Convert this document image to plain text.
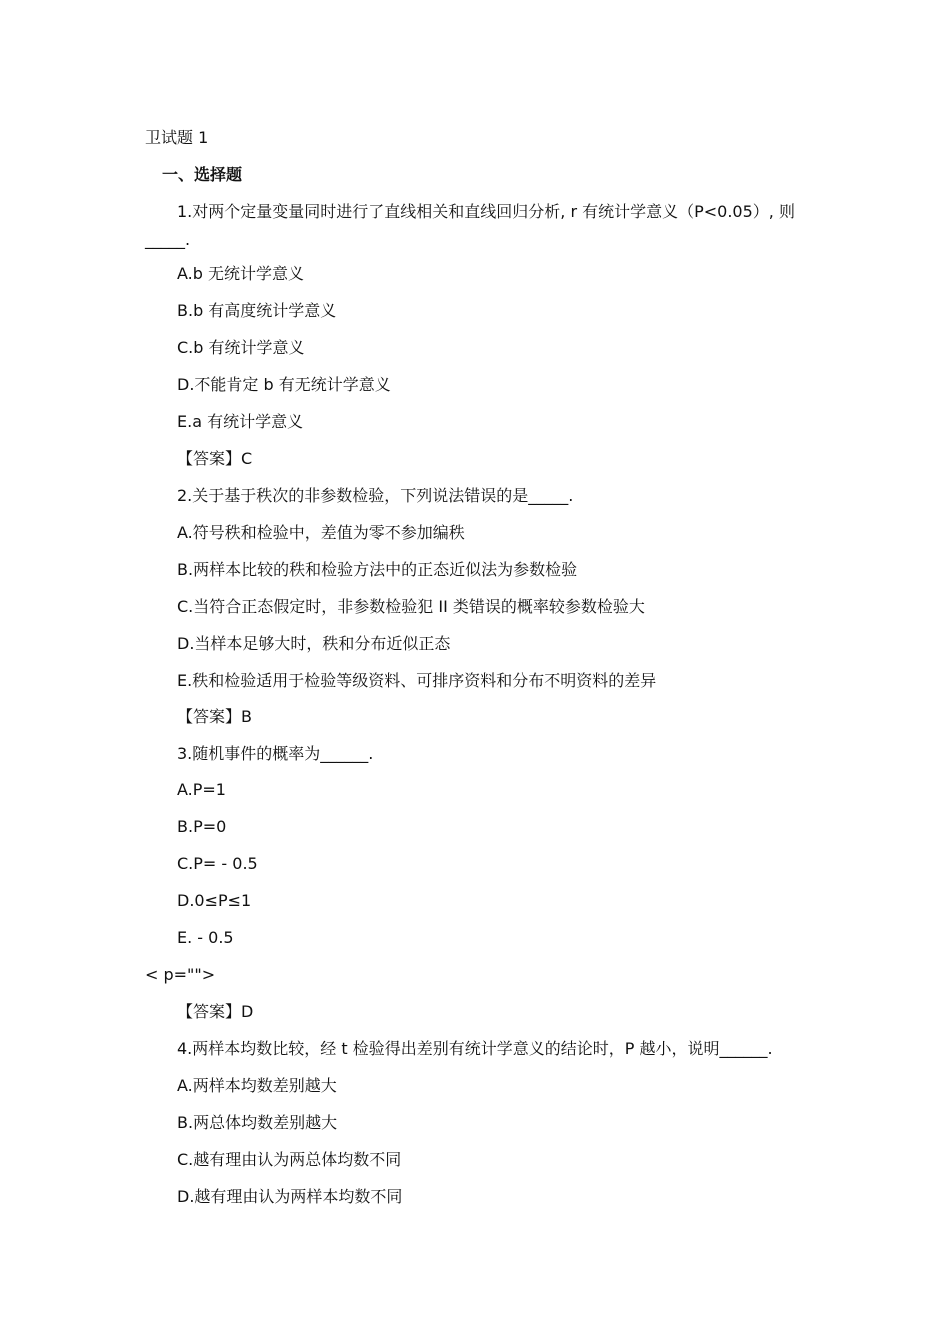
卫试题 1
一、选择题
1.对两个定量变量同时进行了直线相关和直线回归分析, r 有统计学意义（P<0.05）, 则
_____.
A.b 无统计学意义
B.b 有高度统计学意义
C.b 有统计学意义
D.不能肯定 b 有无统计学意义
E.a 有统计学意义
【答案】C
2.关于基于秩次的非参数检验，下列说法错误的是_____.
A.符号秩和检验中，差值为零不参加编秩
B.两样本比较的秩和检验方法中的正态近似法为参数检验
C.当符合正态假定时，非参数检验犯 II 类错误的概率较参数检验大
D.当样本足够大时，秩和分布近似正态
E.秩和检验适用于检验等级资料、可排序资料和分布不明资料的差异
【答案】B
3.随机事件的概率为______.
A.P=1
B.P=0
C.P= - 0.5
D.0≤P≤1
E. - 0.5
< p="">
【答案】D
4.两样本均数比较，经 t 检验得出差别有统计学意义的结论时，P 越小，说明______.
A.两样本均数差别越大
B.两总体均数差别越大
C.越有理由认为两总体均数不同
D.越有理由认为两样本均数不同
